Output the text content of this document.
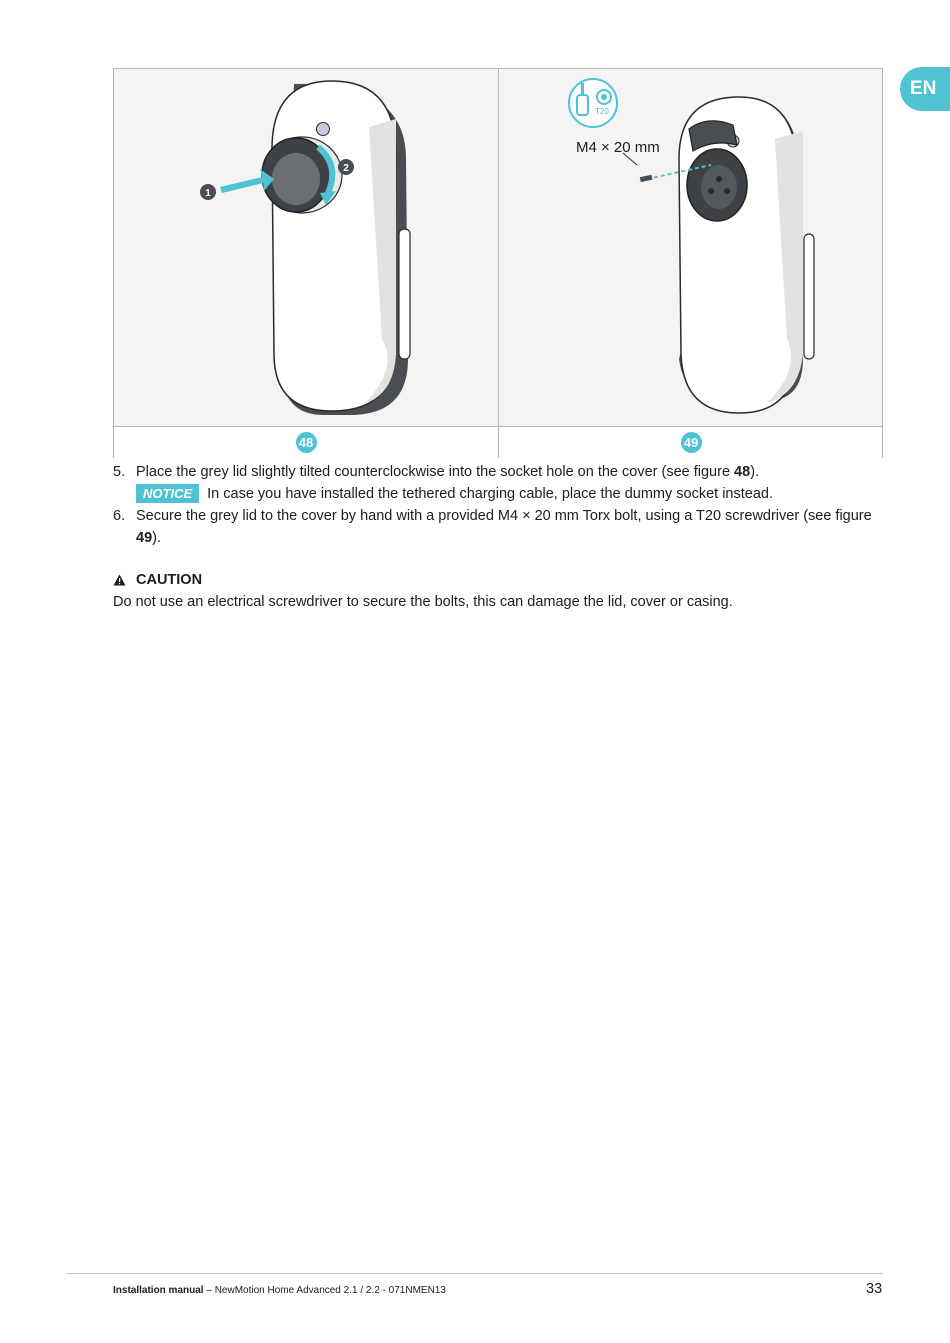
EN
1
2
M4 × 20 mm
T20
48	49
5. Place the grey lid slightly tilted counterclockwise into the socket hole on the cover (see figure 48).
NOTICE In case you have installed the tethered charging cable, place the dummy socket instead.
6. Secure the grey lid to the cover by hand with a provided M4 × 20 mm Torx bolt, using a T20 screwdriver (see figure 49).
CAUTION
Do not use an electrical screwdriver to secure the bolts, this can damage the lid, cover or casing.
Installation manual – NewMotion Home Advanced 2.1 / 2.2 - 071NMEN13	33
